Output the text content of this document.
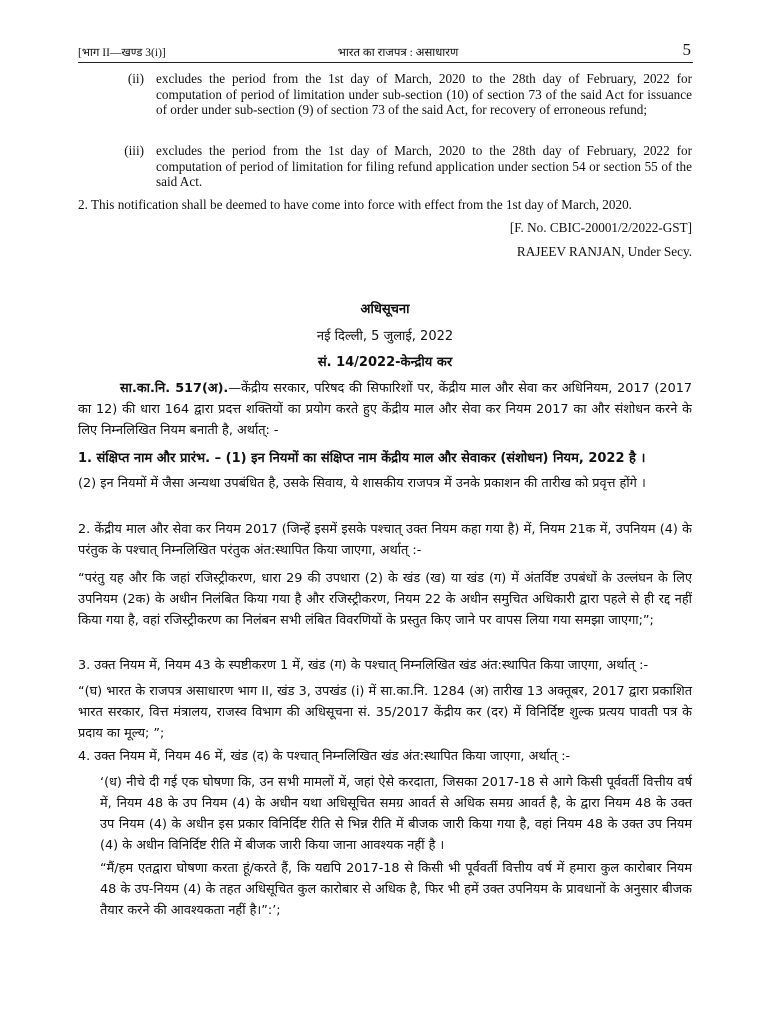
[भाग II—खण्ड 3(i)]	भारत का राजपत्र : असाधारण	5
(ii) excludes the period from the 1st day of March, 2020 to the 28th day of February, 2022 for computation of period of limitation under sub-section (10) of section 73 of the said Act for issuance of order under sub-section (9) of section 73 of the said Act, for recovery of erroneous refund;
(iii) excludes the period from the 1st day of March, 2020 to the 28th day of February, 2022 for computation of period of limitation for filing refund application under section 54 or section 55 of the said Act.
2. This notification shall be deemed to have come into force with effect from the 1st day of March, 2020.
[F. No. CBIC-20001/2/2022-GST]
RAJEEV RANJAN, Under Secy.
अधिसूचना
नई दिल्ली, 5 जुलाई, 2022
सं. 14/2022-केन्द्रीय कर
सा.का.नि. 517(अ).—केंद्रीय सरकार, परिषद की सिफारिशों पर, केंद्रीय माल और सेवा कर अधिनियम, 2017 (2017 का 12) की धारा 164 द्वारा प्रदत्त शक्तियों का प्रयोग करते हुए केंद्रीय माल और सेवा कर नियम 2017 का और संशोधन करने के लिए निम्नलिखित नियम बनाती है, अर्थात्: -
1. संक्षिप्त नाम और प्रारंभ. – (1) इन नियमों का संक्षिप्त नाम केंद्रीय माल और सेवाकर (संशोधन) नियम, 2022 है ।
(2) इन नियमों में जैसा अन्यथा उपबंधित है, उसके सिवाय, ये शासकीय राजपत्र में उनके प्रकाशन की तारीख को प्रवृत्त होंगे ।
2. केंद्रीय माल और सेवा कर नियम 2017 (जिन्हें इसमें इसके पश्चात् उक्त नियम कहा गया है) में, नियम 21क में, उपनियम (4) के परंतुक के पश्चात् निम्नलिखित परंतुक अंत:स्थापित किया जाएगा, अर्थात् :-
“परंतु यह और कि जहां रजिस्ट्रीकरण, धारा 29 की उपधारा (2) के खंड (ख) या खंड (ग) में अंतर्विष्ट उपबंधों के उल्लंघन के लिए उपनियम (2क) के अधीन निलंबित किया गया है और रजिस्ट्रीकरण, नियम 22 के अधीन समुचित अधिकारी द्वारा पहले से ही रद्द नहीं किया गया है, वहां रजिस्ट्रीकरण का निलंबन सभी लंबित विवरणियों के प्रस्तुत किए जाने पर वापस लिया गया समझा जाएगा;”;
3. उक्त नियम में, नियम 43 के स्पष्टीकरण 1 में, खंड (ग) के पश्चात् निम्नलिखित खंड अंत:स्थापित किया जाएगा, अर्थात् :-
“(घ) भारत के राजपत्र असाधारण भाग II, खंड 3, उपखंड (i) में सा.का.नि. 1284 (अ) तारीख 13 अक्तूबर, 2017 द्वारा प्रकाशित भारत सरकार, वित्त मंत्रालय, राजस्व विभाग की अधिसूचना सं. 35/2017 केंद्रीय कर (दर) में विनिर्दिष्ट शुल्क प्रत्यय पावती पत्र के प्रदाय का मूल्य; ”;
4. उक्त नियम में, नियम 46 में, खंड (द) के पश्चात् निम्नलिखित खंड अंत:स्थापित किया जाएगा, अर्थात् :-
‘(ध) नीचे दी गई एक घोषणा कि, उन सभी मामलों में, जहां ऐसे करदाता, जिसका 2017-18 से आगे किसी पूर्ववर्ती वित्तीय वर्ष में, नियम 48 के उप नियम (4) के अधीन यथा अधिसूचित समग्र आवर्त से अधिक समग्र आवर्त है, के द्वारा नियम 48 के उक्त उप नियम (4) के अधीन इस प्रकार विनिर्दिष्ट रीति से भिन्न रीति में बीजक जारी किया गया है, वहां नियम 48 के उक्त उप नियम (4) के अधीन विनिर्दिष्ट रीति में बीजक जारी किया जाना आवश्यक नहीं है ।
“मैं/हम एतद्वारा घोषणा करता हूं/करते हैं, कि यद्यपि 2017-18 से किसी भी पूर्ववर्ती वित्तीय वर्ष में हमारा कुल कारोबार नियम 48 के उप-नियम (4) के तहत अधिसूचित कुल कारोबार से अधिक है, फिर भी हमें उक्त उपनियम के प्रावधानों के अनुसार बीजक तैयार करने की आवश्यकता नहीं है।”:’;
